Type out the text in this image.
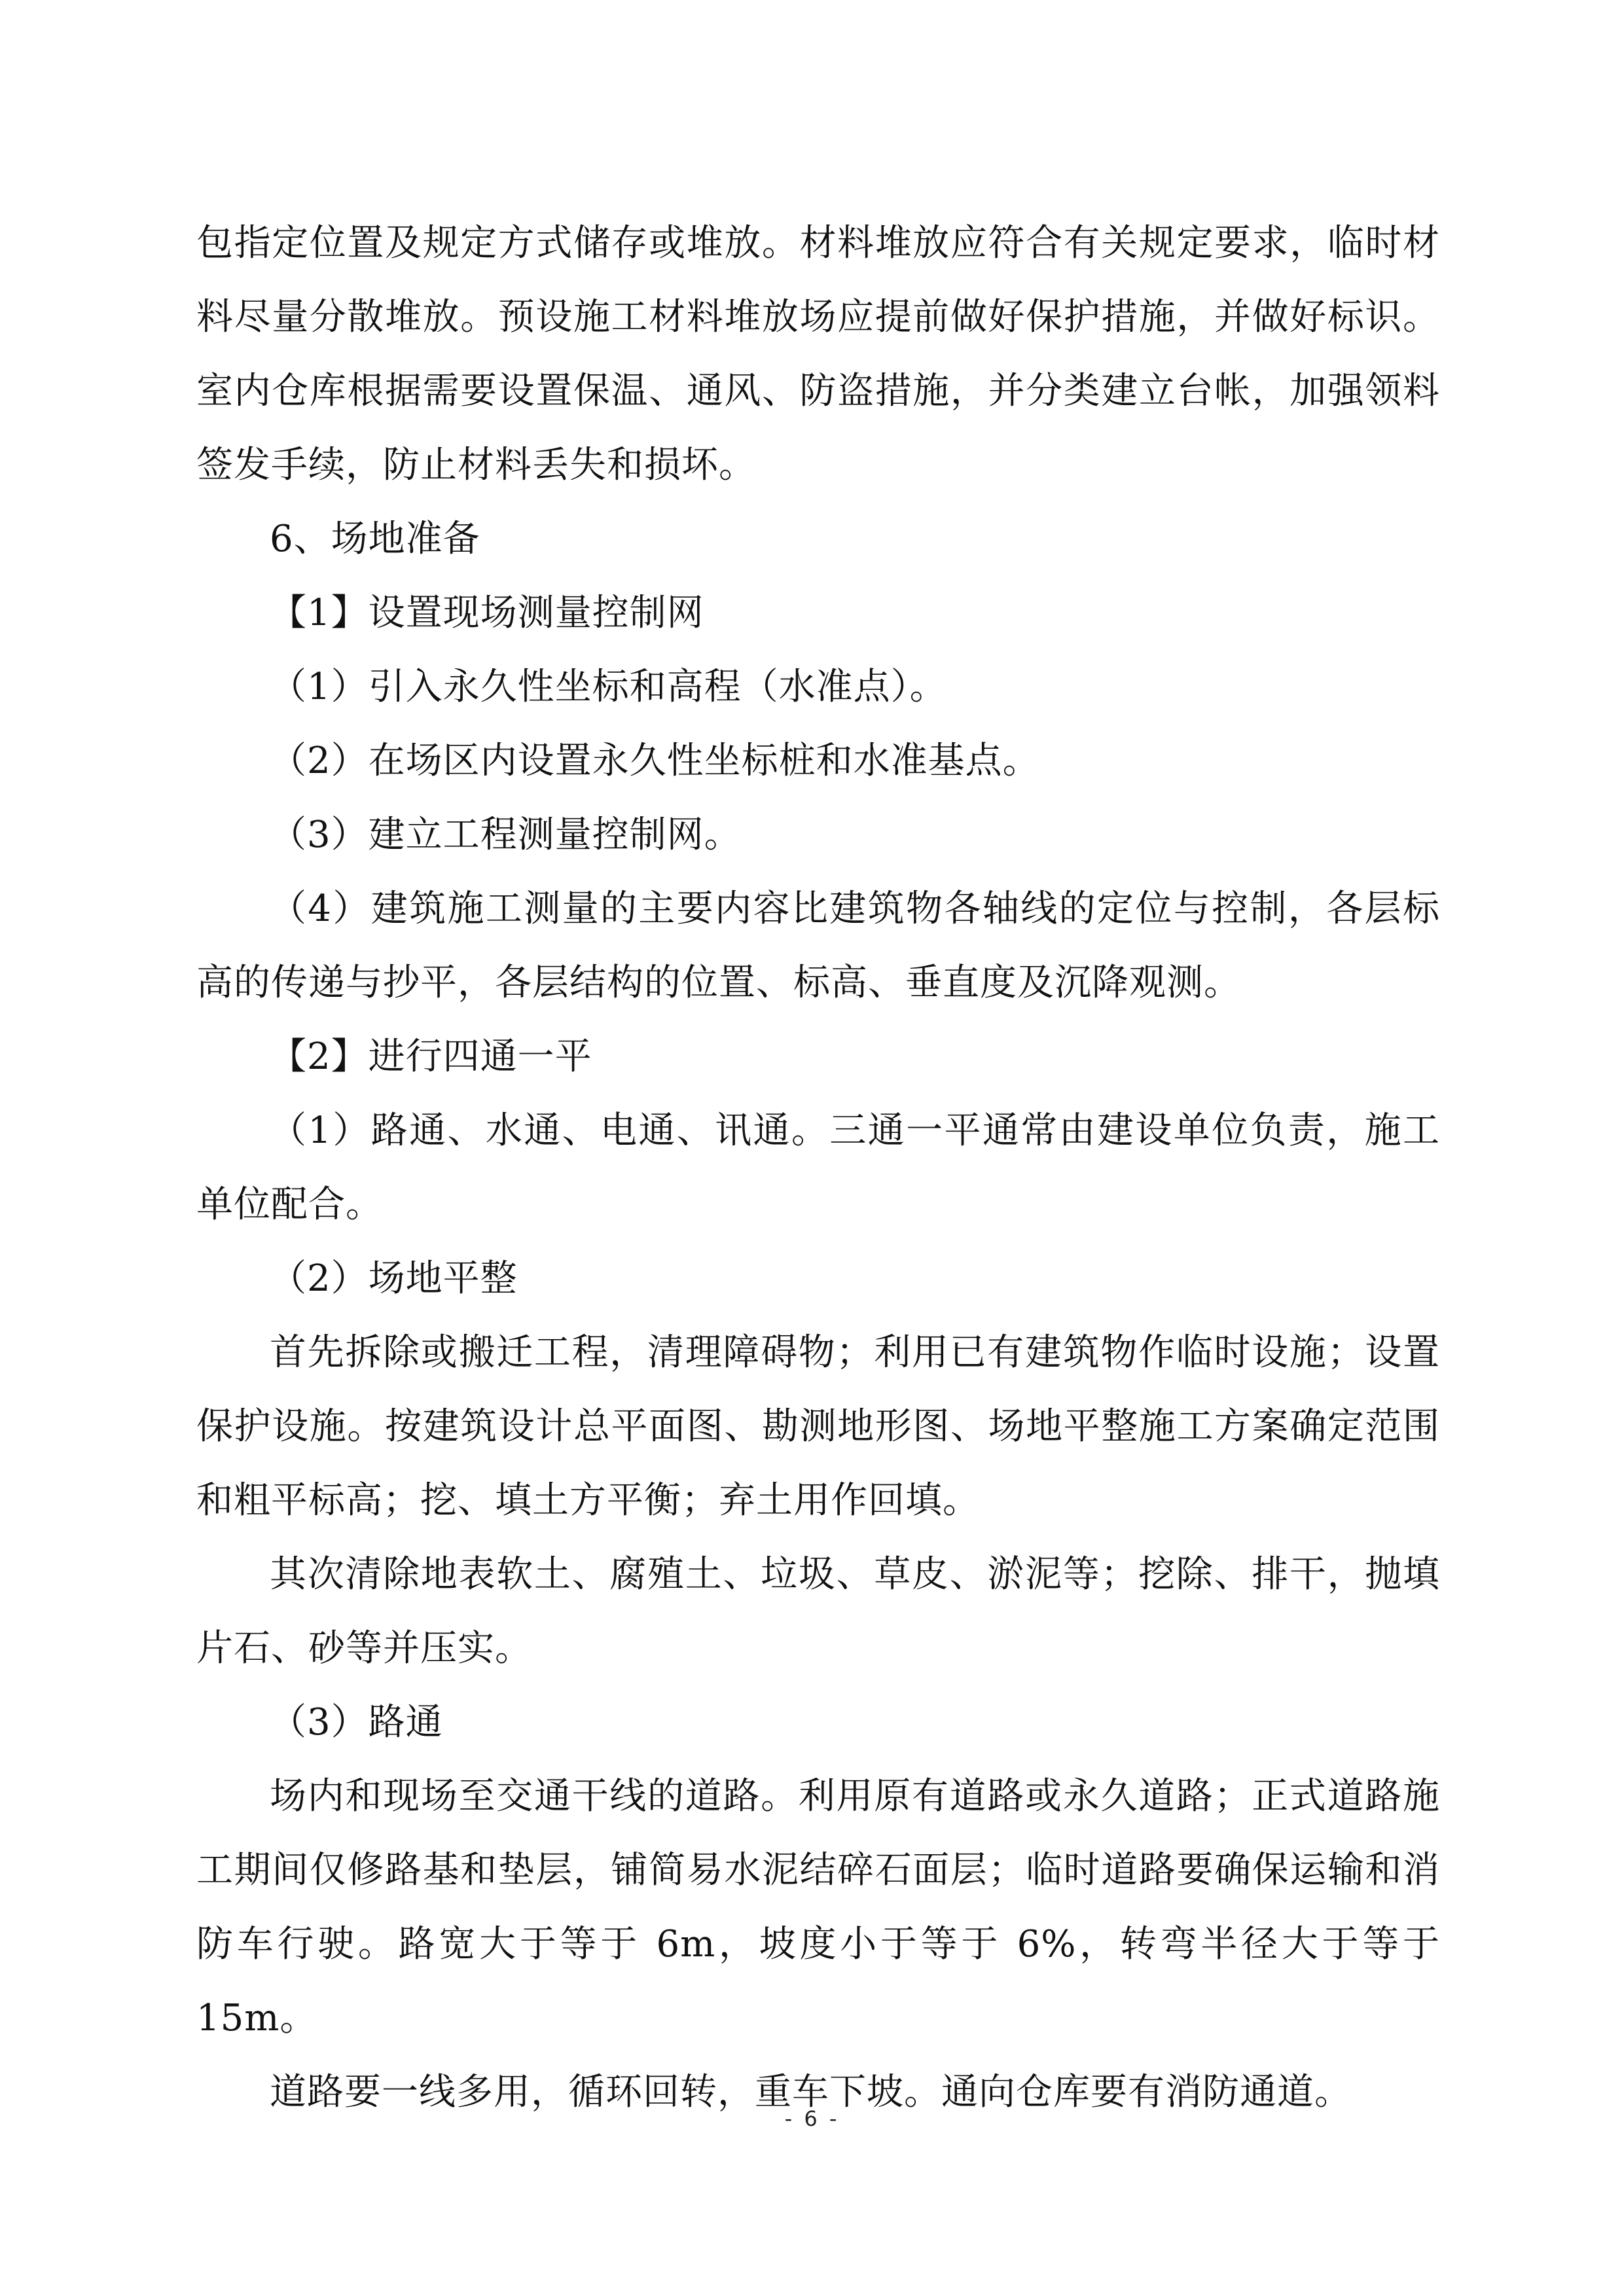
包指定位置及规定方式储存或堆放。材料堆放应符合有关规定要求，临时材料尽量分散堆放。预设施工材料堆放场应提前做好保护措施，并做好标识。室内仓库根据需要设置保温、通风、防盗措施，并分类建立台帐，加强领料签发手续，防止材料丢失和损坏。

6、场地准备

【1】设置现场测量控制网

（1）引入永久性坐标和高程（水准点）。

（2）在场区内设置永久性坐标桩和水准基点。

（3）建立工程测量控制网。

（4）建筑施工测量的主要内容比建筑物各轴线的定位与控制，各层标高的传递与抄平，各层结构的位置、标高、垂直度及沉降观测。

【2】进行四通一平

（1）路通、水通、电通、讯通。三通一平通常由建设单位负责，施工单位配合。

（2）场地平整

首先拆除或搬迁工程，清理障碍物；利用已有建筑物作临时设施；设置保护设施。按建筑设计总平面图、勘测地形图、场地平整施工方案确定范围和粗平标高；挖、填土方平衡；弃土用作回填。

其次清除地表软土、腐殖土、垃圾、草皮、淤泥等；挖除、排干，抛填片石、砂等并压实。

（3）路通

场内和现场至交通干线的道路。利用原有道路或永久道路；正式道路施工期间仅修路基和垫层，铺简易水泥结碎石面层；临时道路要确保运输和消防车行驶。路宽大于等于 6m，坡度小于等于 6%，转弯半径大于等于 15m。

道路要一线多用，循环回转，重车下坡。通向仓库要有消防通道。

- 6 -
